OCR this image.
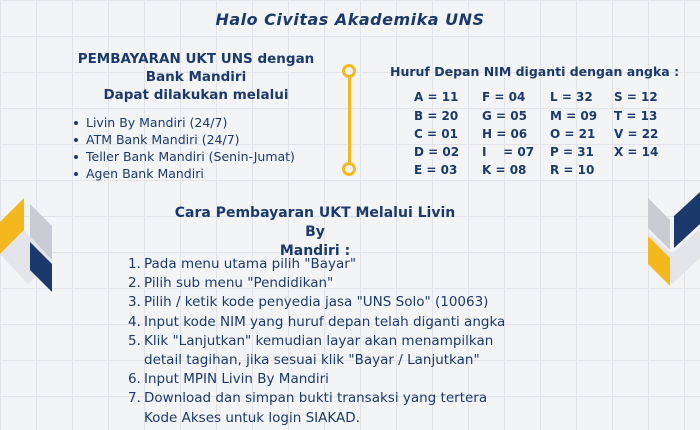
Halo Civitas Akademika UNS
PEMBAYARAN UKT UNS dengan
Bank Mandiri
Dapat dilakukan melalui
Livin By Mandiri (24/7)
ATM Bank Mandiri (24/7)
Teller Bank Mandiri (Senin-Jumat)
Agen Bank Mandiri
Huruf Depan NIM diganti dengan angka :
A = 11
B = 20
C = 01
D = 02
E = 03
F = 04
G = 05
H = 06
I    = 07
K = 08
L = 32
M = 09
O = 21
P = 31
R = 10
S = 12
T = 13
V = 22
X = 14
Cara Pembayaran UKT Melalui Livin By
Mandiri :
1. Pada menu utama pilih "Bayar"
2. Pilih sub menu "Pendidikan"
3. Pilih / ketik kode penyedia jasa "UNS Solo" (10063)
4. Input kode NIM yang huruf depan telah diganti angka
5. Klik "Lanjutkan" kemudian layar akan menampilkan
detail tagihan, jika sesuai klik "Bayar / Lanjutkan"
6. Input MPIN Livin By Mandiri
7. Download dan simpan bukti transaksi yang tertera
Kode Akses untuk login SIAKAD.
